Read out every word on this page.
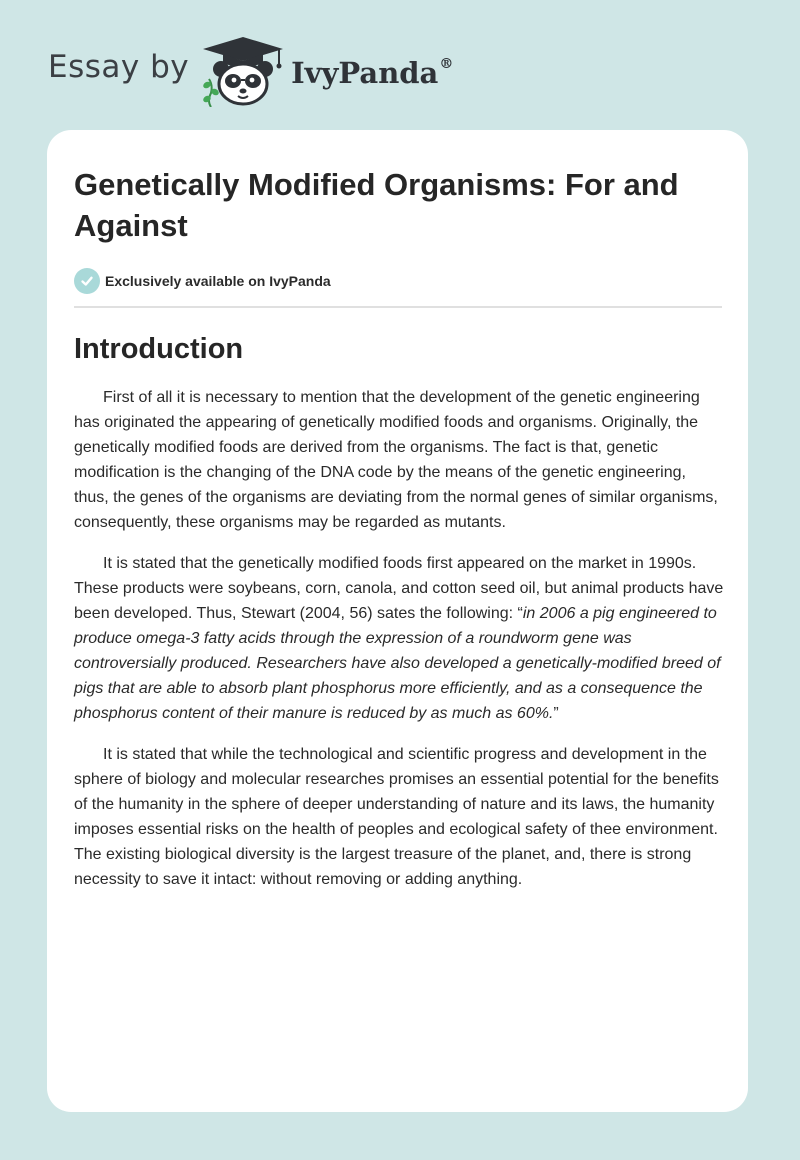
Essay by	IvyPanda®
Genetically Modified Organisms: For and Against
Exclusively available on IvyPanda
Introduction

First of all it is necessary to mention that the development of the genetic engineering has originated the appearing of genetically modified foods and organisms. Originally, the genetically modified foods are derived from the organisms. The fact is that, genetic modification is the changing of the DNA code by the means of the genetic engineering, thus, the genes of the organisms are deviating from the normal genes of similar organisms, consequently, these organisms may be regarded as mutants.

It is stated that the genetically modified foods first appeared on the market in 1990s. These products were soybeans, corn, canola, and cotton seed oil, but animal products have been developed. Thus, Stewart (2004, 56) sates the following: “in 2006 a pig engineered to produce omega-3 fatty acids through the expression of a roundworm gene was controversially produced. Researchers have also developed a genetically-modified breed of pigs that are able to absorb plant phosphorus more efficiently, and as a consequence the phosphorus content of their manure is reduced by as much as 60%.”

It is stated that while the technological and scientific progress and development in the sphere of biology and molecular researches promises an essential potential for the benefits of the humanity in the sphere of deeper understanding of nature and its laws, the humanity imposes essential risks on the health of peoples and ecological safety of thee environment. The existing biological diversity is the largest treasure of the planet, and, there is strong necessity to save it intact: without removing or adding anything.
